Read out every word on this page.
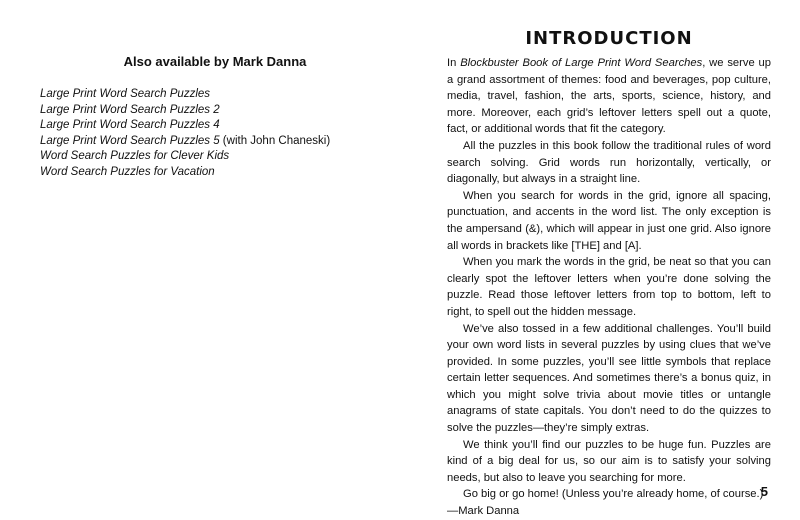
Also available by Mark Danna
Large Print Word Search Puzzles
Large Print Word Search Puzzles 2
Large Print Word Search Puzzles 4
Large Print Word Search Puzzles 5 (with John Chaneski)
Word Search Puzzles for Clever Kids
Word Search Puzzles for Vacation
INTRODUCTION

In Blockbuster Book of Large Print Word Searches, we serve up a grand assortment of themes: food and beverages, pop culture, media, travel, fashion, the arts, sports, science, history, and more. Moreover, each grid’s leftover letters spell out a quote, fact, or additional words that fit the category.

All the puzzles in this book follow the traditional rules of word search solving. Grid words run horizontally, vertically, or diagonally, but always in a straight line.

When you search for words in the grid, ignore all spacing, punctuation, and accents in the word list. The only exception is the ampersand (&), which will appear in just one grid. Also ignore all words in brackets like [THE] and [A].

When you mark the words in the grid, be neat so that you can clearly spot the leftover letters when you’re done solving the puzzle. Read those leftover letters from top to bottom, left to right, to spell out the hidden message.

We’ve also tossed in a few additional challenges. You’ll build your own word lists in several puzzles by using clues that we’ve provided. In some puzzles, you’ll see little symbols that replace certain letter sequences. And sometimes there’s a bonus quiz, in which you might solve trivia about movie titles or untangle anagrams of state capitals. You don’t need to do the quizzes to solve the puzzles—they’re simply extras.

We think you’ll find our puzzles to be huge fun. Puzzles are kind of a big deal for us, so our aim is to satisfy your solving needs, but also to leave you searching for more.

Go big or go home! (Unless you’re already home, of course.)

—Mark Danna

5
